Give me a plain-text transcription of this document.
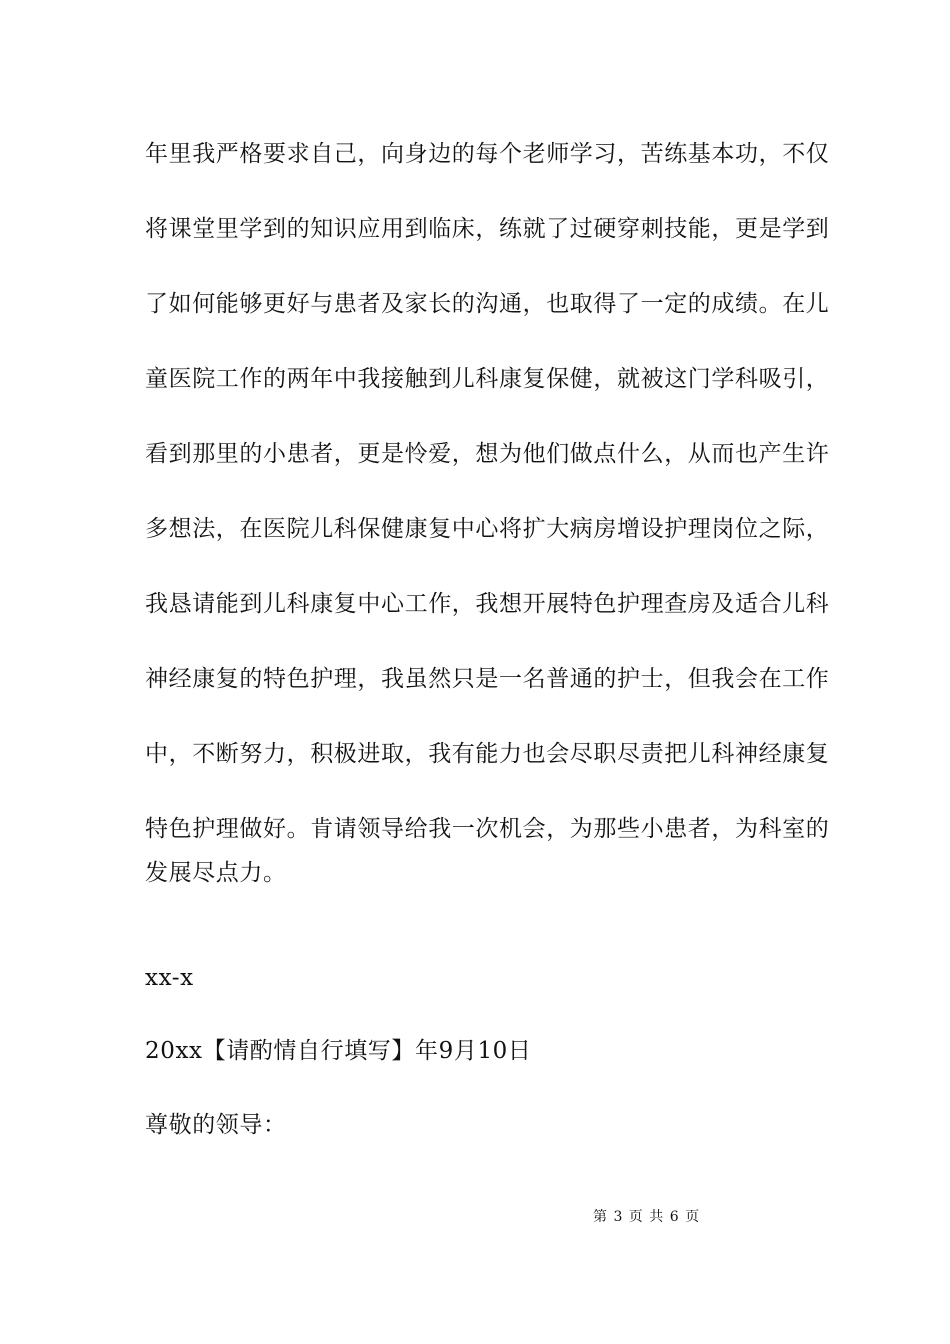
年里我严格要求自己，向身边的每个老师学习，苦练基本功，不仅
将课堂里学到的知识应用到临床，练就了过硬穿刺技能，更是学到
了如何能够更好与患者及家长的沟通，也取得了一定的成绩。在儿
童医院工作的两年中我接触到儿科康复保健，就被这门学科吸引，
看到那里的小患者，更是怜爱，想为他们做点什么，从而也产生许
多想法，在医院儿科保健康复中心将扩大病房增设护理岗位之际，
我恳请能到儿科康复中心工作，我想开展特色护理查房及适合儿科
神经康复的特色护理，我虽然只是一名普通的护士，但我会在工作
中，不断努力，积极进取，我有能力也会尽职尽责把儿科神经康复
特色护理做好。肯请领导给我一次机会，为那些小患者，为科室的
发展尽点力。
xx-x
20xx【请酌情自行填写】年9月10日
尊敬的领导：
第 3 页 共 6 页
